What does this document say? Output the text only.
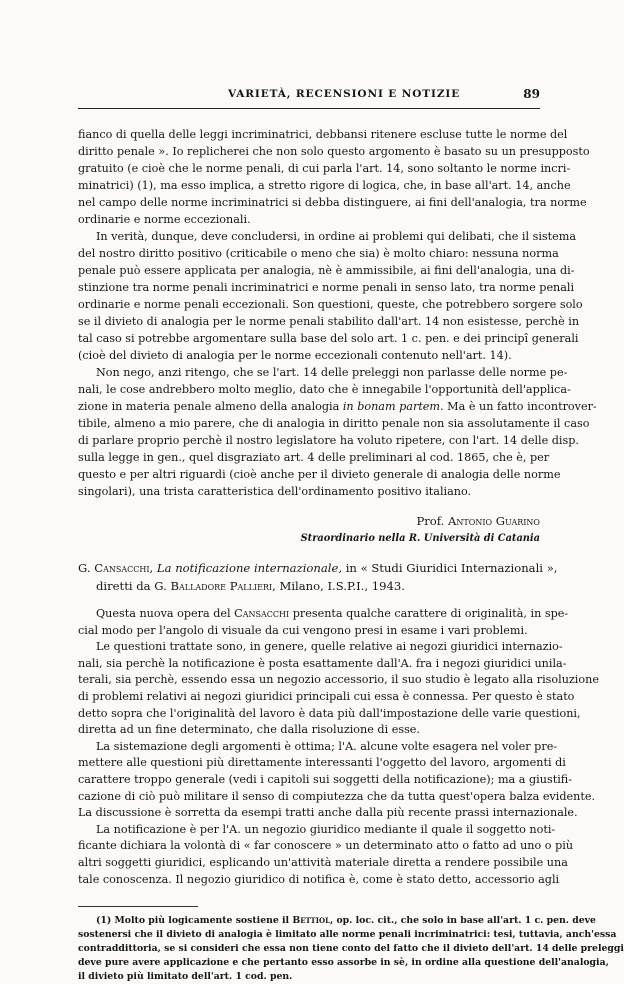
VARIETÀ, RECENSIONI E NOTIZIE	89
fianco di quella delle leggi incriminatrici, debbansi ritenere escluse tutte le norme del
diritto penale ». Io replicherei che non solo questo argomento è basato su un presupposto
gratuito (e cioè che le norme penali, di cui parla l'art. 14, sono soltanto le norme incri-
minatrici) (1), ma esso implica, a stretto rigore di logica, che, in base all'art. 14, anche
nel campo delle norme incriminatrici si debba distinguere, ai fini dell'analogia, tra norme
ordinarie e norme eccezionali.
In verità, dunque, deve concludersi, in ordine ai problemi qui delibati, che il sistema
del nostro diritto positivo (criticabile o meno che sia) è molto chiaro: nessuna norma
penale può essere applicata per analogia, nè è ammissibile, ai fini dell'analogia, una di-
stinzione tra norme penali incriminatrici e norme penali in senso lato, tra norme penali
ordinarie e norme penali eccezionali. Son questioni, queste, che potrebbero sorgere solo
se il divieto di analogia per le norme penali stabilito dall'art. 14 non esistesse, perchè in
tal caso si potrebbe argomentare sulla base del solo art. 1 c. pen. e dei principî generali
(cioè del divieto di analogia per le norme eccezionali contenuto nell'art. 14).
Non nego, anzi ritengo, che se l'art. 14 delle preleggi non parlasse delle norme pe-
nali, le cose andrebbero molto meglio, dato che è innegabile l'opportunità dell'applica-
zione in materia penale almeno della analogia in bonam partem. Ma è un fatto incontrover-
tibile, almeno a mio parere, che di analogia in diritto penale non sia assolutamente il caso
di parlare proprio perchè il nostro legislatore ha voluto ripetere, con l'art. 14 delle disp.
sulla legge in gen., quel disgraziato art. 4 delle preliminari al cod. 1865, che è, per
questo e per altri riguardi (cioè anche per il divieto generale di analogia delle norme
singolari), una trista caratteristica dell'ordinamento positivo italiano.
Prof. Antonio Guarino
Straordinario nella R. Università di Catania
G. Cansacchi, La notificazione internazionale, in « Studi Giuridici Internazionali »,
diretti da G. Balladore Pallieri, Milano, I.S.P.I., 1943.
Questa nuova opera del Cansacchi presenta qualche carattere di originalità, in spe-
cial modo per l'angolo di visuale da cui vengono presi in esame i vari problemi.
Le questioni trattate sono, in genere, quelle relative ai negozi giuridici internazio-
nali, sia perchè la notificazione è posta esattamente dall'A. fra i negozi giuridici unila-
terali, sia perchè, essendo essa un negozio accessorio, il suo studio è legato alla risoluzione
di problemi relativi ai negozi giuridici principali cui essa è connessa. Per questo è stato
detto sopra che l'originalità del lavoro è data più dall'impostazione delle varie questioni,
diretta ad un fine determinato, che dalla risoluzione di esse.
La sistemazione degli argomenti è ottima; l'A. alcune volte esagera nel voler pre-
mettere alle questioni più direttamente interessanti l'oggetto del lavoro, argomenti di
carattere troppo generale (vedi i capitoli sui soggetti della notificazione); ma a giustifi-
cazione di ciò può militare il senso di compiutezza che da tutta quest'opera balza evidente.
La discussione è sorretta da esempi tratti anche dalla più recente prassi internazionale.
La notificazione è per l'A. un negozio giuridico mediante il quale il soggetto noti-
ficante dichiara la volontà di « far conoscere » un determinato atto o fatto ad uno o più
altri soggetti giuridici, esplicando un'attività materiale diretta a rendere possibile una
tale conoscenza. Il negozio giuridico di notifica è, come è stato detto, accessorio agli
(1) Molto più logicamente sostiene il Bettiol, op. loc. cit., che solo in base all'art. 1 c. pen. deve
sostenersi che il divieto di analogia è limitato alle norme penali incriminatrici: tesi, tuttavia, anch'essa
contraddittoria, se si consideri che essa non tiene conto del fatto che il divieto dell'art. 14 delle preleggi
deve pure avere applicazione e che pertanto esso assorbe in sè, in ordine alla questione dell'analogia,
il divieto più limitato dell'art. 1 cod. pen.
